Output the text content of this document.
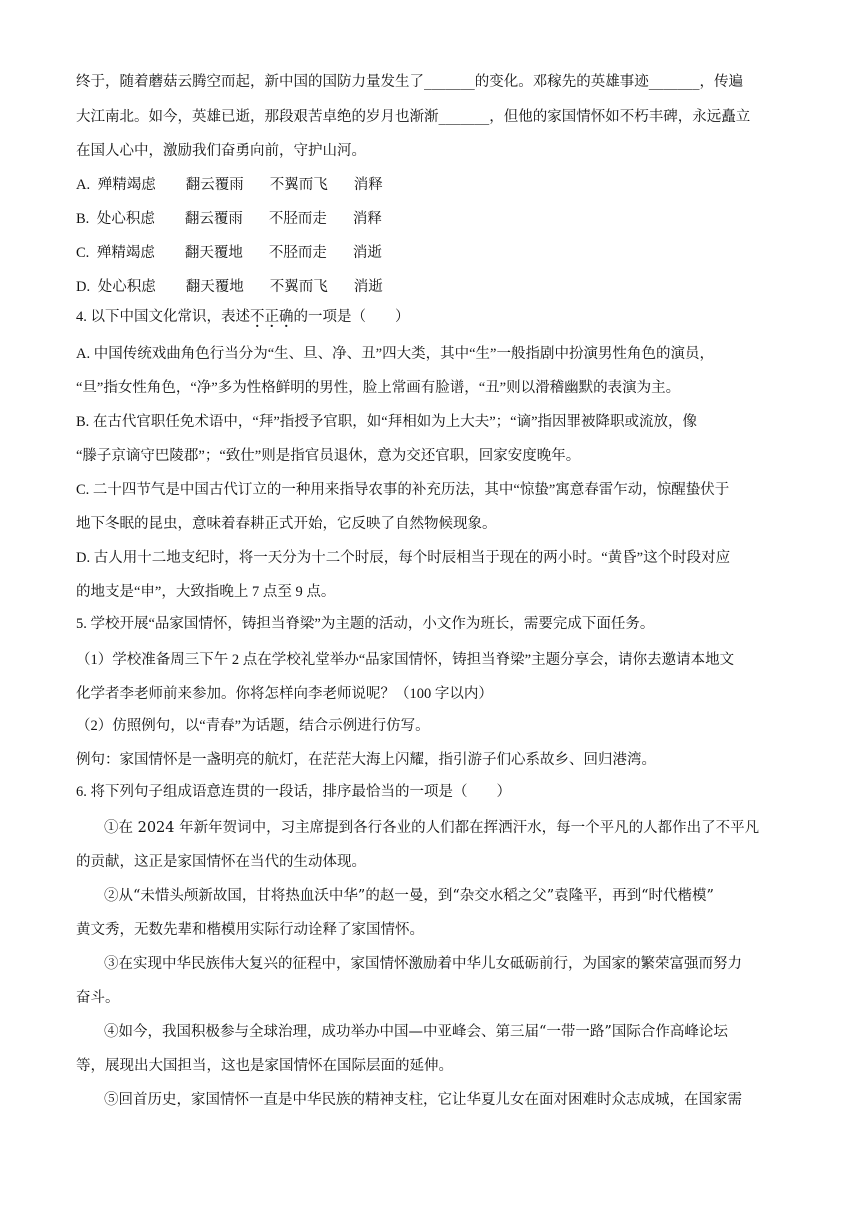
终于，随着蘑菇云腾空而起，新中国的国防力量发生了_______的变化。邓稼先的英雄事迹_______，传遍
大江南北。如今，英雄已逝，那段艰苦卓绝的岁月也渐渐_______，但他的家国情怀如不朽丰碑，永远矗立
在国人心中，激励我们奋勇向前，守护山河。
A. 殚精竭虑 翻云覆雨 不翼而飞 消释
B. 处心积虑 翻云覆雨 不胫而走 消释
C. 殚精竭虑 翻天覆地 不胫而走 消逝
D. 处心积虑 翻天覆地 不翼而飞 消逝
4. 以下中国文化常识，表述不正确的一项是（　　）
A. 中国传统戏曲角色行当分为“生、旦、净、丑”四大类，其中“生”一般指剧中扮演男性角色的演员，
“旦”指女性角色，“净”多为性格鲜明的男性，脸上常画有脸谱，“丑”则以滑稽幽默的表演为主。
B. 在古代官职任免术语中，“拜”指授予官职，如“拜相如为上大夫”；“谪”指因罪被降职或流放，像
“滕子京谪守巴陵郡”；“致仕”则是指官员退休，意为交还官职，回家安度晚年。
C. 二十四节气是中国古代订立的一种用来指导农事的补充历法，其中“惊蛰”寓意春雷乍动，惊醒蛰伏于
地下冬眠的昆虫，意味着春耕正式开始，它反映了自然物候现象。
D. 古人用十二地支纪时，将一天分为十二个时辰，每个时辰相当于现在的两小时。“黄昏”这个时段对应
的地支是“申”，大致指晚上 7 点至 9 点。
5. 学校开展“品家国情怀，铸担当脊梁”为主题的活动，小文作为班长，需要完成下面任务。
（1）学校准备周三下午 2 点在学校礼堂举办“品家国情怀，铸担当脊梁”主题分享会，请你去邀请本地文
化学者李老师前来参加。你将怎样向李老师说呢？（100 字以内）
（2）仿照例句，以“青春”为话题，结合示例进行仿写。
例句：家国情怀是一盏明亮的航灯，在茫茫大海上闪耀，指引游子们心系故乡、回归港湾。
6. 将下列句子组成语意连贯的一段话，排序最恰当的一项是（　　）
①在 2024 年新年贺词中，习主席提到各行各业的人们都在挥洒汗水，每一个平凡的人都作出了不平凡
的贡献，这正是家国情怀在当代的生动体现。
②从“未惜头颅新故国，甘将热血沃中华”的赵一曼，到“杂交水稻之父”袁隆平，再到“时代楷模”
黄文秀，无数先辈和楷模用实际行动诠释了家国情怀。
③在实现中华民族伟大复兴的征程中，家国情怀激励着中华儿女砥砺前行，为国家的繁荣富强而努力
奋斗。
④如今，我国积极参与全球治理，成功举办中国—中亚峰会、第三届“一带一路”国际合作高峰论坛
等，展现出大国担当，这也是家国情怀在国际层面的延伸。
⑤回首历史，家国情怀一直是中华民族的精神支柱，它让华夏儿女在面对困难时众志成城，在国家需
